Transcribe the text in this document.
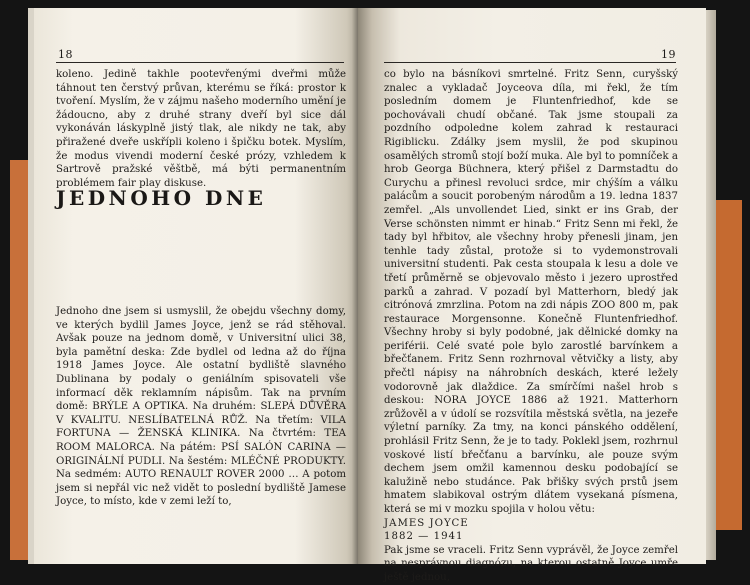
18

koleno. Jedině takhle pootevřenými dveřmi může táhnout ten čerstvý průvan, kterému se říká: prostor k tvoření. Myslím, že v zájmu našeho moderního umění je žádoucno, aby z druhé strany dveří byl sice dál vykonáván láskyplně jistý tlak, ale nikdy ne tak, aby přiražené dveře uskřípli koleno i špičku botek. Myslím, že modus vivendi moderní české prózy, vzhledem k Sartrově pražské věštbě, má býti permanentním problémem fair play diskuse.

JEDNOHO DNE

Jednoho dne jsem si usmyslil, že obejdu všechny domy, ve kterých bydlil James Joyce, jenž se rád stěhoval. Avšak pouze na jednom domě, v Universitní ulici 38, byla pamětní deska: Zde bydlel od ledna až do října 1918 James Joyce. Ale ostatní bydliště slavného Dublinana by podaly o geniálním spisovateli vše informací děk reklamním nápisům. Tak na prvním domě: BRÝLE A OPTIKA. Na druhém: SLEPÁ DŮVĚRA V KVALITU. NESLÍBATELNÁ RŮŽ. Na třetím: VILA FORTUNA — ŽENSKÁ KLINIKA. Na čtvrtém: TEA ROOM MALORCA. Na pátém: PSÍ SALÓN CARINA — ORIGINÁLNÍ PUDLI. Na šestém: MLÉČNÉ PRODUKTY. Na sedmém: AUTO RENAULT ROVER 2000 … A potom jsem si nepřál vic než vidět to poslední bydliště Jamese Joyce, to místo, kde v zemi leží to,

19

co bylo na básníkovi smrtelné. Fritz Senn, curyšský znalec a vykladač Joyceova díla, mi řekl, že tím posledním domem je Fluntenfriedhof, kde se pochovávali chudí občané. Tak jsme stoupali za pozdního odpoledne kolem zahrad k restauraci Rigiblicku. Zdálky jsem myslil, že pod skupinou osamělých stromů stojí boží muka. Ale byl to pomníček a hrob Georga Büchnera, který přišel z Darmstadtu do Curychu a přinesl revoluci srdce, mir chýším a válku palácům a soucit porobeným národům a 19. ledna 1837 zemřel. „Als unvollendet Lied, sinkt er ins Grab, der Verse schönsten nimmt er hinab.“ Fritz Senn mi řekl, že tady byl hřbitov, ale všechny hroby přenesli jinam, jen tenhle tady zůstal, protože si to vydemonstrovali universitní studenti. Pak cesta stoupala k lesu a dole ve třetí průměrně se objevovalo město i jezero uprostřed parků a zahrad. V pozadí byl Matterhorn, bledý jak citrónová zmrzlina. Potom na zdi nápis ZOO 800 m, pak restaurace Morgensonne. Konečně Fluntenfriedhof. Všechny hroby si byly podobné, jak dělnické domky na periférii. Celé svaté pole bylo zarostlé barvínkem a břečťanem. Fritz Senn rozhrnoval větvičky a listy, aby přečtl nápisy na náhrobních deskách, které ležely vodorovně jak dlaždice. Za smírčími našel hrob s deskou: NORA JOYCE 1886 až 1921. Matterhorn zrůžověl a v údolí se rozsvítila městská světla, na jezeře výletní parníky. Za tmy, na konci pánského oddělení, prohlásil Fritz Senn, že je to tady. Poklekl jsem, rozhrnul voskové listí břečťanu a barvínku, ale pouze svým dechem jsem omžil kamennou desku podobající se kalužině nebo studánce. Pak břišky svých prstů jsem hmatem slabikoval ostrým dlátem vysekaná písmena, která se mi v mozku spojila v holou větu:

JAMES JOYCE

1882 — 1941

Pak jsme se vraceli. Fritz Senn vyprávěl, že Joyce zemřel na nesprávnou diagnózu, na kterou ostatně Joyce umře ještě jednou,
